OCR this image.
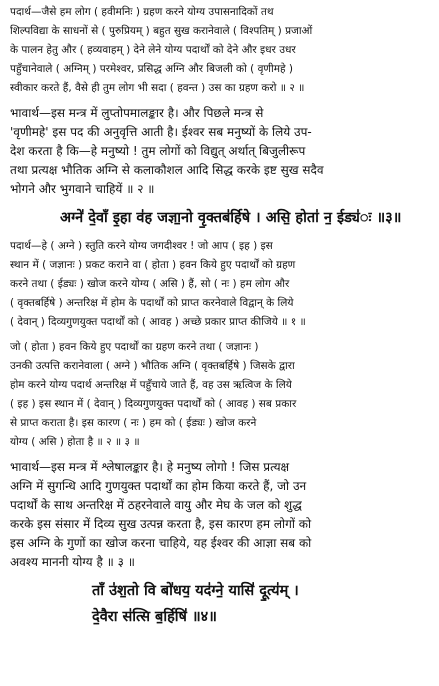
पदार्थ—जैसे हम लोग ( हवीमनिः ) ग्रहण करने योग्य उपासनादिकों तथ
शिल्पविद्या के साधनों से ( पुरुप्रियम् ) बहुत सुख करानेवाले ( विश्पतिम् ) प्रजाओं
के पालन हेतु और ( हव्यवाहम् ) देने लेने योग्य पदार्थों को देने और इधर उधर
पहुँचानेवाले ( अग्निम् ) परमेश्वर, प्रसिद्ध अग्नि और बिजली को ( वृणीमहे )
स्वीकार करते हैं, वैसे ही तुम लोग भी सदा ( हवन्त ) उस का ग्रहण करो ॥ २ ॥
भावार्थ—इस मन्त्र में लुप्तोपमालङ्कार है। और पिछले मन्त्र से
'वृणीमहे' इस पद की अनुवृत्ति आती है। ईश्वर सब मनुष्यों के लिये उप-
देश करता है कि—हे मनुष्यो ! तुम लोगों को विद्युत् अर्थात् बिजुलीरूप
तथा प्रत्यक्ष भौतिक अग्नि से कलाकौशल आदि सिद्ध करके इष्ट सुख सदैव
भोगने और भुगवाने चाहियें ॥ २ ॥
अग्ने॑ दे॒वाँ इ॒हा व॑ह जज्ञा॒नो वृ॒क्तब॑र्हिषे । असि॒ होता॑ न॒ ईड्य॑ः ॥३॥
पदार्थ—हे ( अग्ने ) स्तुति करने योग्य जगदीश्वर ! जो आप ( इह ) इस
स्थान में ( जज्ञानः ) प्रकट कराने वा ( होता ) हवन किये हुए पदार्थों को ग्रहण
करने तथा ( ईड्यः ) खोज करने योग्य ( असि ) हैं, सो ( नः ) हम लोग और
( वृक्तबर्हिषे ) अन्तरिक्ष में होम के पदार्थों को प्राप्त करनेवाले विद्वान् के लिये
( देवान् ) दिव्यगुणयुक्त पदार्थों को ( आवह ) अच्छे प्रकार प्राप्त कीजिये ॥ १ ॥
जो ( होता ) हवन किये हुए पदार्थों का ग्रहण करने तथा ( जज्ञानः )
उनकी उत्पत्ति करानेवाला ( अग्ने ) भौतिक अग्नि ( वृक्तबर्हिषे ) जिसके द्वारा
होम करने योग्य पदार्थ अन्तरिक्ष में पहुँचाये जाते हैं, वह उस ऋत्विज के लिये
( इह ) इस स्थान में ( देवान् ) दिव्यगुणयुक्त पदार्थों को ( आवह ) सब प्रकार
से प्राप्त कराता है। इस कारण ( नः ) हम को ( ईड्यः ) खोज करने
योग्य ( असि ) होता है ॥ २ ॥ ३ ॥
भावार्थ—इस मन्त्र में श्लेषालङ्कार है। हे मनुष्य लोगो ! जिस प्रत्यक्ष
अग्नि में सुगन्धि आदि गुणयुक्त पदार्थों का होम किया करते हैं, जो उन
पदार्थों के साथ अन्तरिक्ष में ठहरनेवाले वायु और मेघ के जल को शुद्ध
करके इस संसार में दिव्य सुख उत्पन्न करता है, इस कारण हम लोगों को
इस अग्नि के गुणों का खोज करना चाहिये, यह ईश्वर की आज्ञा सब को
अवश्य माननी योग्य है ॥ ३ ॥
ताँ उ॑श॒तो वि बो॑धय॒ यद॑ग्ने॒ यासि॑ दू॒त्य॑म् ।
दे॒वैरा स॑त्सि ब॒र्हिषि॑ ॥४॥
